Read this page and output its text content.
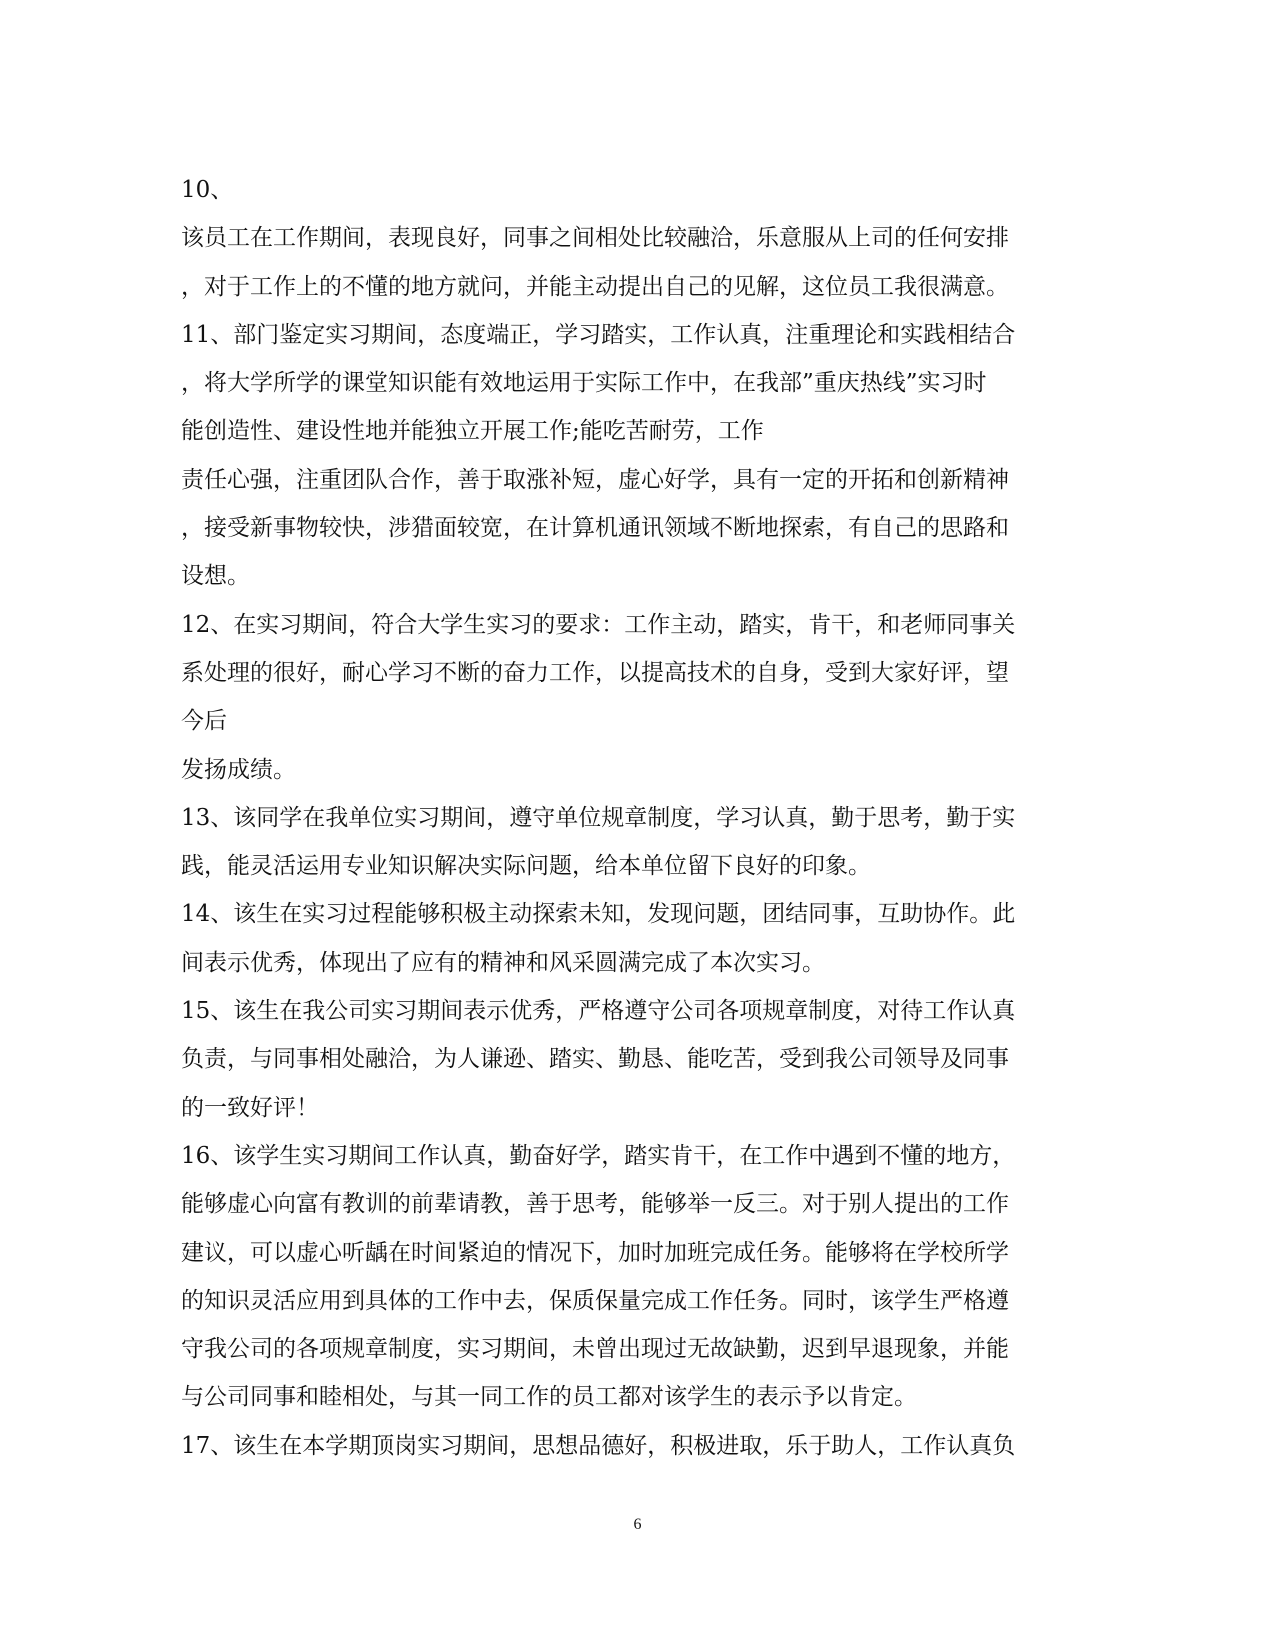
10、
该员工在工作期间，表现良好，同事之间相处比较融洽，乐意服从上司的任何安排
，对于工作上的不懂的地方就问，并能主动提出自己的见解，这位员工我很满意。
11、部门鉴定实习期间，态度端正，学习踏实，工作认真，注重理论和实践相结合
，将大学所学的课堂知识能有效地运用于实际工作中，在我部”重庆热线”实习时
能创造性、建设性地并能独立开展工作;能吃苦耐劳，工作
责任心强，注重团队合作，善于取涨补短，虚心好学，具有一定的开拓和创新精神
，接受新事物较快，涉猎面较宽，在计算机通讯领域不断地探索，有自己的思路和
设想。
12、在实习期间，符合大学生实习的要求：工作主动，踏实，肯干，和老师同事关
系处理的很好，耐心学习不断的奋力工作，以提高技术的自身，受到大家好评，望
今后
发扬成绩。
13、该同学在我单位实习期间，遵守单位规章制度，学习认真，勤于思考，勤于实
践，能灵活运用专业知识解决实际问题，给本单位留下良好的印象。
14、该生在实习过程能够积极主动探索未知，发现问题，团结同事，互助协作。此
间表示优秀，体现出了应有的精神和风采圆满完成了本次实习。
15、该生在我公司实习期间表示优秀，严格遵守公司各项规章制度，对待工作认真
负责，与同事相处融洽，为人谦逊、踏实、勤恳、能吃苦，受到我公司领导及同事
的一致好评！
16、该学生实习期间工作认真，勤奋好学，踏实肯干，在工作中遇到不懂的地方，
能够虚心向富有教训的前辈请教，善于思考，能够举一反三。对于别人提出的工作
建议，可以虚心听龋在时间紧迫的情况下，加时加班完成任务。能够将在学校所学
的知识灵活应用到具体的工作中去，保质保量完成工作任务。同时，该学生严格遵
守我公司的各项规章制度，实习期间，未曾出现过无故缺勤，迟到早退现象，并能
与公司同事和睦相处，与其一同工作的员工都对该学生的表示予以肯定。
17、该生在本学期顶岗实习期间，思想品德好，积极进取，乐于助人，工作认真负
6
